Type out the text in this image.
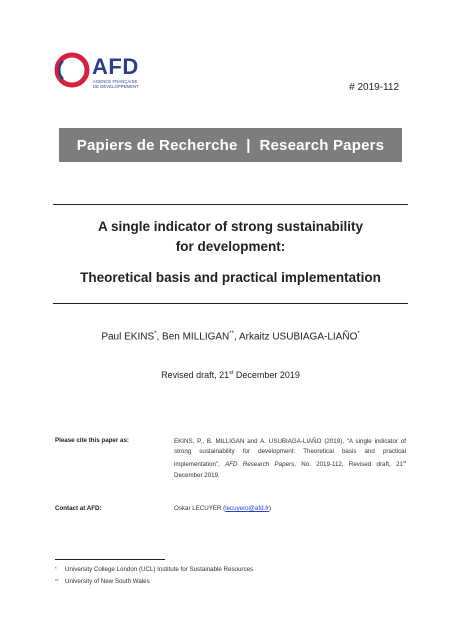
AFD
AGENCE FRANÇAISE
DE DÉVELOPPEMENT	# 2019-112
Papiers de Recherche | Research Papers
A single indicator of strong sustainability
for development:
Theoretical basis and practical implementation
Paul EKINS*, Ben MILLIGAN**, Arkaitz USUBIAGA-LIAÑO*
Revised draft, 21st December 2019
Please cite this paper as:	EKINS, P., B. MILLIGAN and A. USUBIAGA-LIAÑO (2019), “A single indicator of strong sustainability for development: Theoretical basis and practical implementation”, AFD Research Papers, No. 2019-112, Revised draft, 21st December 2019.
Contact at AFD:	Oskar LECUYER (lecuyero@afd.fr)
* University College London (UCL) Institute for Sustainable Resources
** University of New South Wales
